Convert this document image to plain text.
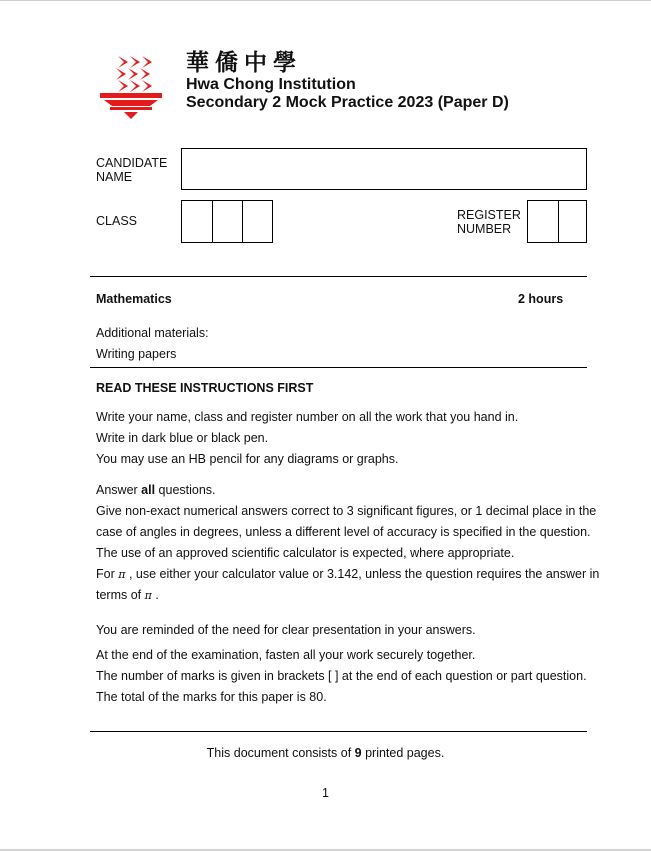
華僑中學
Hwa Chong Institution
Secondary 2 Mock Practice 2023 (Paper D)
CANDIDATE
NAME
CLASS	REGISTER
NUMBER
Mathematics	2 hours
Additional materials:
Writing papers
READ THESE INSTRUCTIONS FIRST
Write your name, class and register number on all the work that you hand in.
Write in dark blue or black pen.
You may use an HB pencil for any diagrams or graphs.
Answer all questions.
Give non-exact numerical answers correct to 3 significant figures, or 1 decimal place in the
case of angles in degrees, unless a different level of accuracy is specified in the question.
The use of an approved scientific calculator is expected, where appropriate.
For π , use either your calculator value or 3.142, unless the question requires the answer in
terms of π .
You are reminded of the need for clear presentation in your answers.
At the end of the examination, fasten all your work securely together.
The number of marks is given in brackets [ ] at the end of each question or part question.
The total of the marks for this paper is 80.
This document consists of 9 printed pages.
1
